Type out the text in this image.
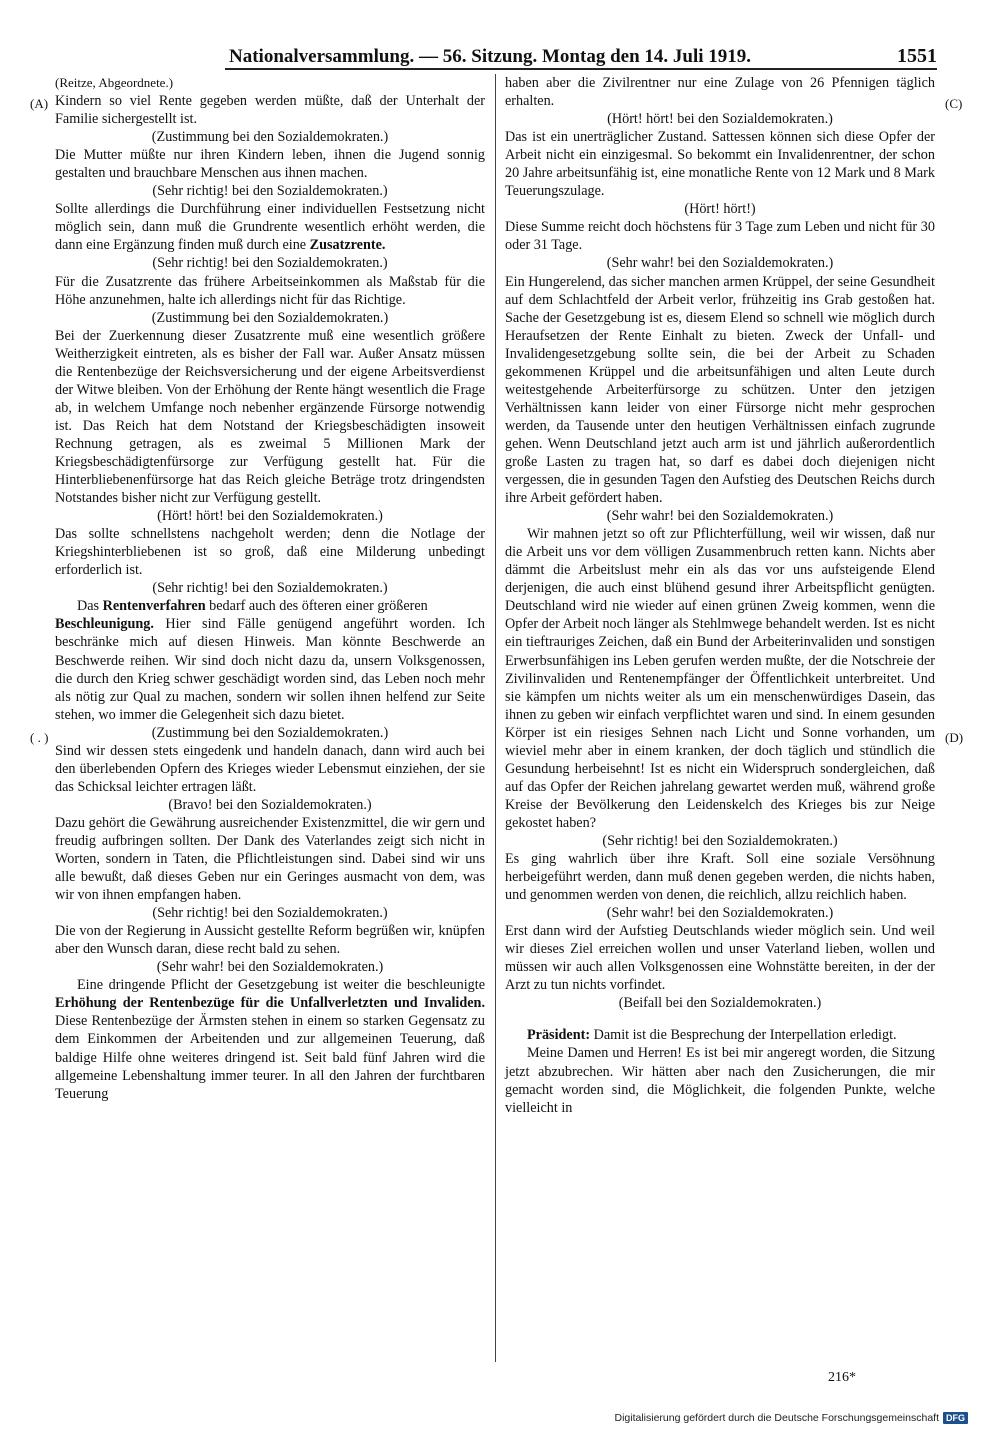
Nationalversammlung. — 56. Sitzung. Montag den 14. Juli 1919.	1551
(Reitze, Abgeordnete.)
Kindern so viel Rente gegeben werden müßte, daß der Unterhalt der Familie sichergestellt ist.
(Zustimmung bei den Sozialdemokraten.)
Die Mutter müßte nur ihren Kindern leben, ihnen die Jugend sonnig gestalten und brauchbare Menschen aus ihnen machen.
(Sehr richtig! bei den Sozialdemokraten.)
Sollte allerdings die Durchführung einer individuellen Festsetzung nicht möglich sein, dann muß die Grundrente wesentlich erhöht werden, die dann eine Ergänzung finden muß durch eine Zusatzrente.
(Sehr richtig! bei den Sozialdemokraten.)
Für die Zusatzrente das frühere Arbeitseinkommen als Maßstab für die Höhe anzunehmen, halte ich allerdings nicht für das Richtige.
(Zustimmung bei den Sozialdemokraten.)
Bei der Zuerkennung dieser Zusatzrente muß eine wesentlich größere Weitherzigkeit eintreten, als es bisher der Fall war. Außer Ansatz müssen die Rentenbezüge der Reichsversicherung und der eigene Arbeitsverdienst der Witwe bleiben. Von der Erhöhung der Rente hängt wesentlich die Frage ab, in welchem Umfange noch nebenher ergänzende Fürsorge notwendig ist. Das Reich hat dem Notstand der Kriegsbeschädigten insoweit Rechnung getragen, als es zweimal 5 Millionen Mark der Kriegsbeschädigtenfürsorge zur Verfügung gestellt hat. Für die Hinterbliebenenfürsorge hat das Reich gleiche Beträge trotz dringendsten Notstandes bisher nicht zur Verfügung gestellt.
(Hört! hört! bei den Sozialdemokraten.)
Das sollte schnellstens nachgeholt werden; denn die Notlage der Kriegshinterbliebenen ist so groß, daß eine Milderung unbedingt erforderlich ist.
(Sehr richtig! bei den Sozialdemokraten.)
Das Rentenverfahren bedarf auch des öfteren einer größeren
Beschleunigung. Hier sind Fälle genügend angeführt worden. Ich beschränke mich auf diesen Hinweis. Man könnte Beschwerde an Beschwerde reihen. Wir sind doch nicht dazu da, unsern Volksgenossen, die durch den Krieg schwer geschädigt worden sind, das Leben noch mehr als nötig zur Qual zu machen, sondern wir sollen ihnen helfend zur Seite stehen, wo immer die Gelegenheit sich dazu bietet.
(Zustimmung bei den Sozialdemokraten.)
Sind wir dessen stets eingedenk und handeln danach, dann wird auch bei den überlebenden Opfern des Krieges wieder Lebensmut einziehen, der sie das Schicksal leichter ertragen läßt.
(Bravo! bei den Sozialdemokraten.)
Dazu gehört die Gewährung ausreichender Existenzmittel, die wir gern und freudig aufbringen sollten. Der Dank des Vaterlandes zeigt sich nicht in Worten, sondern in Taten, die Pflichtleistungen sind. Dabei sind wir uns alle bewußt, daß dieses Geben nur ein Geringes ausmacht von dem, was wir von ihnen empfangen haben.
(Sehr richtig! bei den Sozialdemokraten.)
Die von der Regierung in Aussicht gestellte Reform begrüßen wir, knüpfen aber den Wunsch daran, diese recht bald zu sehen.
(Sehr wahr! bei den Sozialdemokraten.)
Eine dringende Pflicht der Gesetzgebung ist weiter die beschleunigte Erhöhung der Rentenbezüge für die Unfallverletzten und Invaliden. Diese Rentenbezüge der Ärmsten stehen in einem so starken Gegensatz zu dem Einkommen der Arbeitenden und zur allgemeinen Teuerung, daß baldige Hilfe ohne weiteres dringend ist. Seit bald fünf Jahren wird die allgemeine Lebenshaltung immer teurer. In all den Jahren der furchtbaren Teuerung
haben aber die Zivilrentner nur eine Zulage von 26 Pfennigen täglich erhalten.
(Hört! hört! bei den Sozialdemokraten.)
Das ist ein unerträglicher Zustand. Sattessen können sich diese Opfer der Arbeit nicht ein einzigesmal. So bekommt ein Invalidenrentner, der schon 20 Jahre arbeitsunfähig ist, eine monatliche Rente von 12 Mark und 8 Mark Teuerungszulage.
(Hört! hört!)
Diese Summe reicht doch höchstens für 3 Tage zum Leben und nicht für 30 oder 31 Tage.
(Sehr wahr! bei den Sozialdemokraten.)
Ein Hungerelend, das sicher manchen armen Krüppel, der seine Gesundheit auf dem Schlachtfeld der Arbeit verlor, frühzeitig ins Grab gestoßen hat. Sache der Gesetzgebung ist es, diesem Elend so schnell wie möglich durch Heraufsetzen der Rente Einhalt zu bieten. Zweck der Unfall- und Invalidengesetzgebung sollte sein, die bei der Arbeit zu Schaden gekommenen Krüppel und die arbeitsunfähigen und alten Leute durch weitestgehende Arbeiterfürsorge zu schützen. Unter den jetzigen Verhältnissen kann leider von einer Fürsorge nicht mehr gesprochen werden, da Tausende unter den heutigen Verhältnissen einfach zugrunde gehen. Wenn Deutschland jetzt auch arm ist und jährlich außerordentlich große Lasten zu tragen hat, so darf es dabei doch diejenigen nicht vergessen, die in gesunden Tagen den Aufstieg des Deutschen Reichs durch ihre Arbeit gefördert haben.
(Sehr wahr! bei den Sozialdemokraten.)
Wir mahnen jetzt so oft zur Pflichterfüllung, weil wir wissen, daß nur die Arbeit uns vor dem völligen Zusammenbruch retten kann. Nichts aber dämmt die Arbeitslust mehr ein als das vor uns aufsteigende Elend derjenigen, die auch einst blühend gesund ihrer Arbeitspflicht genügten. Deutschland wird nie wieder auf einen grünen Zweig kommen, wenn die Opfer der Arbeit noch länger als Stehlmwege behandelt werden. Ist es nicht ein tieftrauriges Zeichen, daß ein Bund der Arbeiterinvaliden und sonstigen Erwerbsunfähigen ins Leben gerufen werden mußte, der die Notschreie der Zivilinvaliden und Rentenempfänger der Öffentlichkeit unterbreitet. Und sie kämpfen um nichts weiter als um ein menschenwürdiges Dasein, das ihnen zu geben wir einfach verpflichtet waren und sind. In einem gesunden Körper ist ein riesiges Sehnen nach Licht und Sonne vorhanden, um wieviel mehr aber in einem kranken, der doch täglich und stündlich die Gesundung herbeisehnt! Ist es nicht ein Widerspruch sondergleichen, daß auf das Opfer der Reichen jahrelang gewartet werden muß, während große Kreise der Bevölkerung den Leidenskelch des Krieges bis zur Neige gekostet haben?
(Sehr richtig! bei den Sozialdemokraten.)
Es ging wahrlich über ihre Kraft. Soll eine soziale Versöhnung herbeigeführt werden, dann muß denen gegeben werden, die nichts haben, und genommen werden von denen, die reichlich, allzu reichlich haben.
(Sehr wahr! bei den Sozialdemokraten.)
Erst dann wird der Aufstieg Deutschlands wieder möglich sein. Und weil wir dieses Ziel erreichen wollen und unser Vaterland lieben, wollen und müssen wir auch allen Volksgenossen eine Wohnstätte bereiten, in der der Arzt zu tun nichts vorfindet.
(Beifall bei den Sozialdemokraten.)
Präsident: Damit ist die Besprechung der Interpellation erledigt.
Meine Damen und Herren! Es ist bei mir angeregt worden, die Sitzung jetzt abzubrechen. Wir hätten aber nach den Zusicherungen, die mir gemacht worden sind, die Möglichkeit, die folgenden Punkte, welche vielleicht in
(A)
( . )
(C)
(D)
216*
Digitalisierung gefördert durch die Deutsche Forschungsgemeinschaft DFG
